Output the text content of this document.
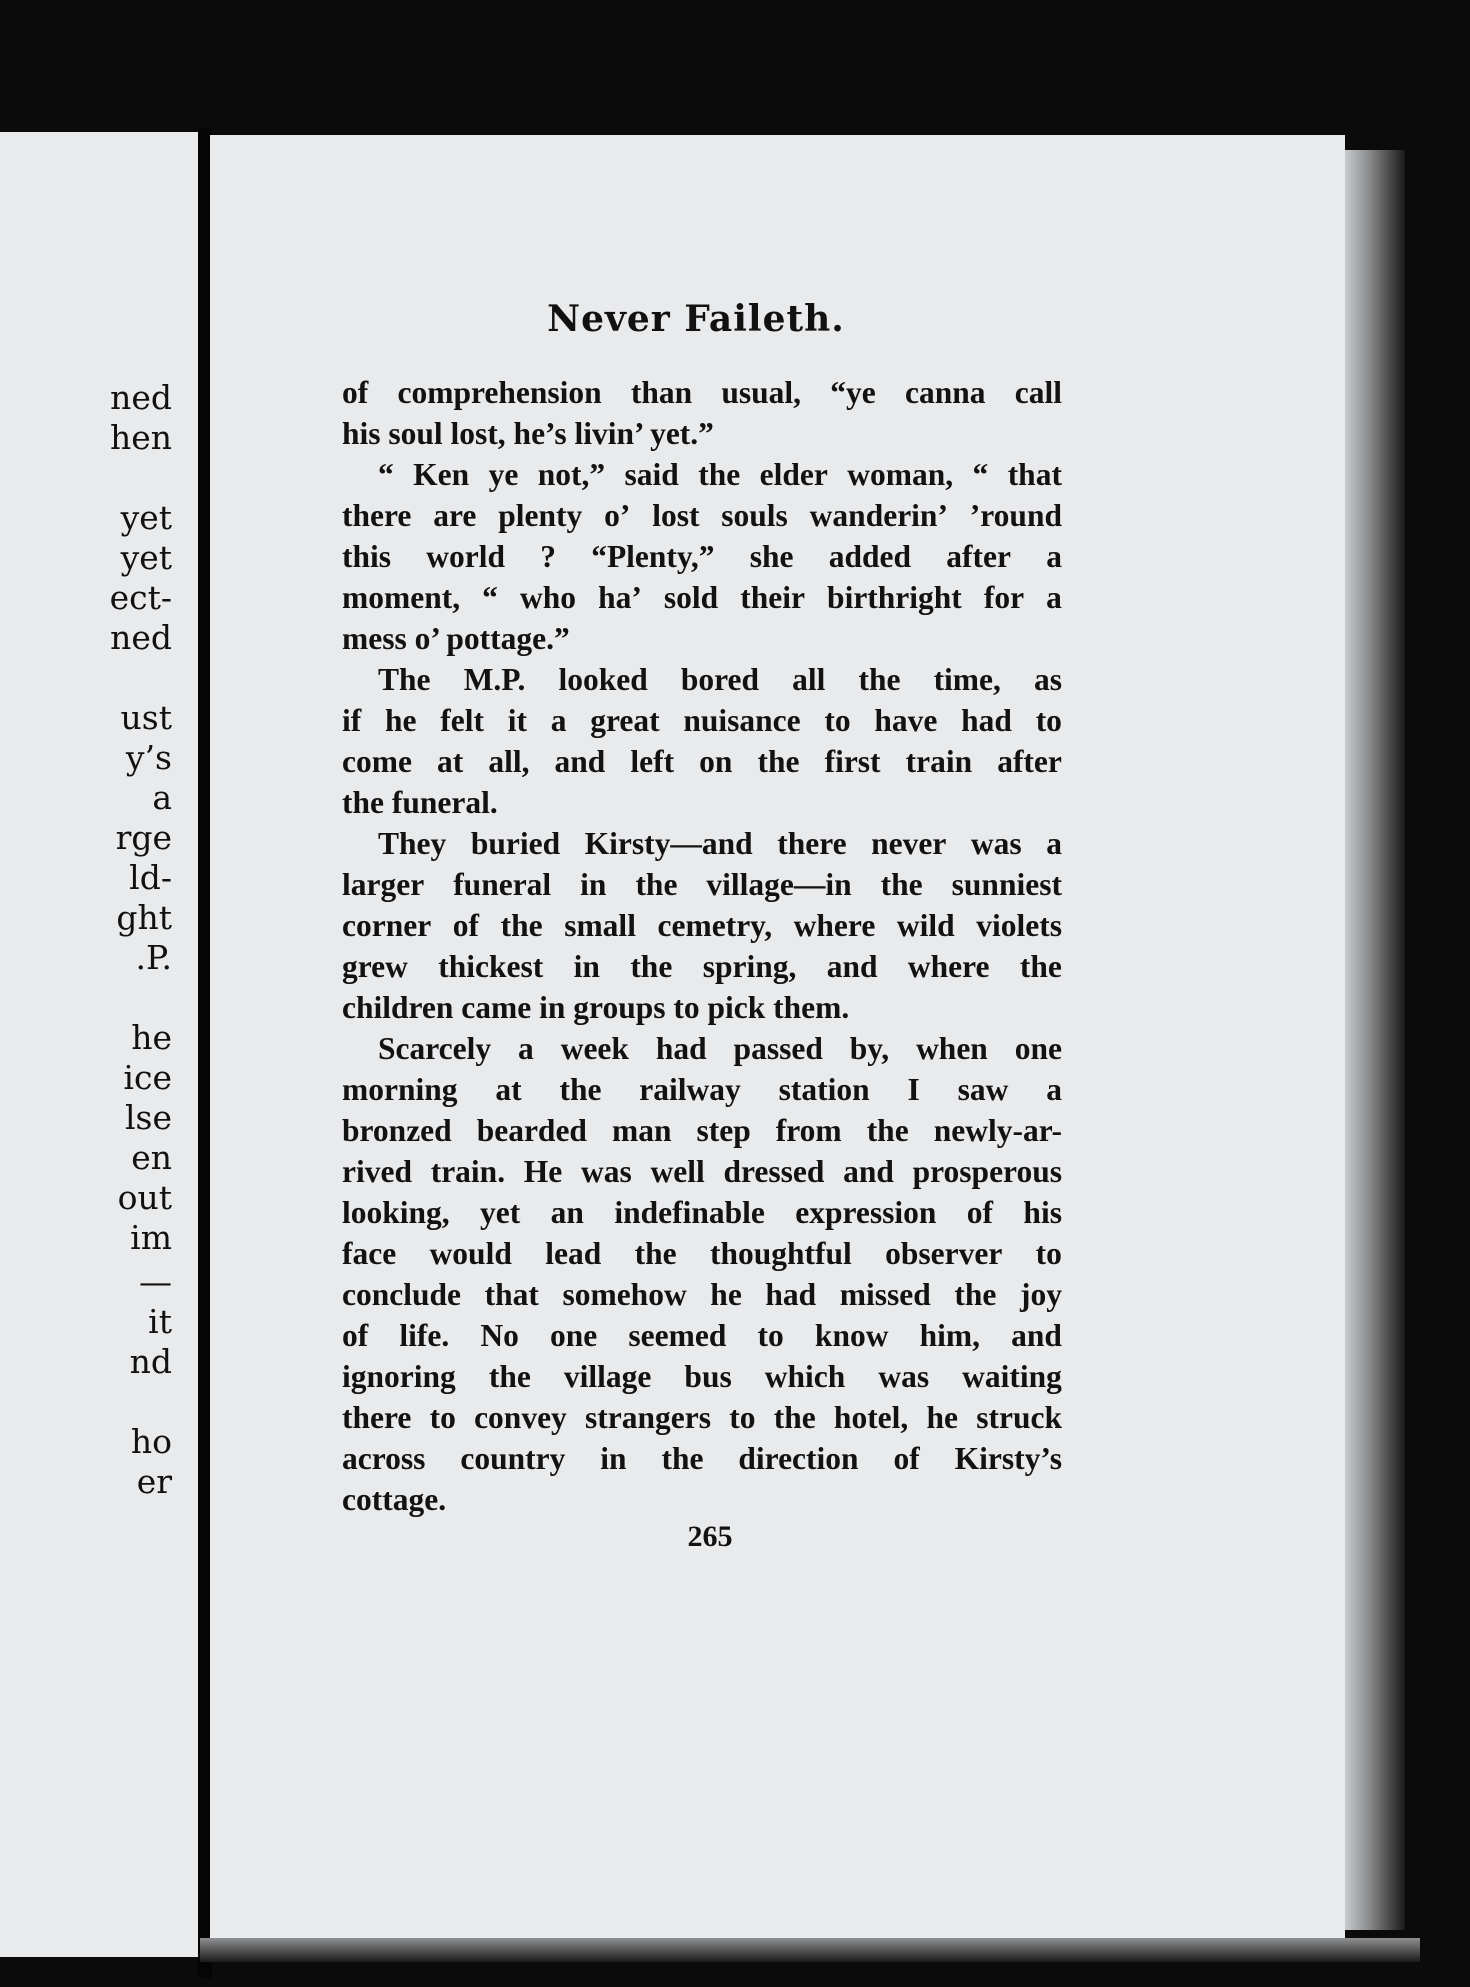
ned
hen
yet
yet
ect-
ned
ust
y’s
a
rge
ld-
ght
.P.
he
ice
lse
en
out
im
—
it
nd
ho
er
Never Faileth.
of comprehension than usual, “ye canna call
his soul lost, he’s livin’ yet.”
“ Ken ye not,” said the elder woman, “ that
there are plenty o’ lost souls wanderin’ ’round
this world ? “Plenty,” she added after a
moment, “ who ha’ sold their birthright for a
mess o’ pottage.”
The M.P. looked bored all the time, as
if he felt it a great nuisance to have had to
come at all, and left on the first train after
the funeral.
They buried Kirsty—and there never was a
larger funeral in the village—in the sunniest
corner of the small cemetry, where wild violets
grew thickest in the spring, and where the
children came in groups to pick them.
Scarcely a week had passed by, when one
morning at the railway station I saw a
bronzed bearded man step from the newly-ar-
rived train. He was well dressed and prosperous
looking, yet an indefinable expression of his
face would lead the thoughtful observer to
conclude that somehow he had missed the joy
of life. No one seemed to know him, and
ignoring the village bus which was waiting
there to convey strangers to the hotel, he struck
across country in the direction of Kirsty’s
cottage.
265
